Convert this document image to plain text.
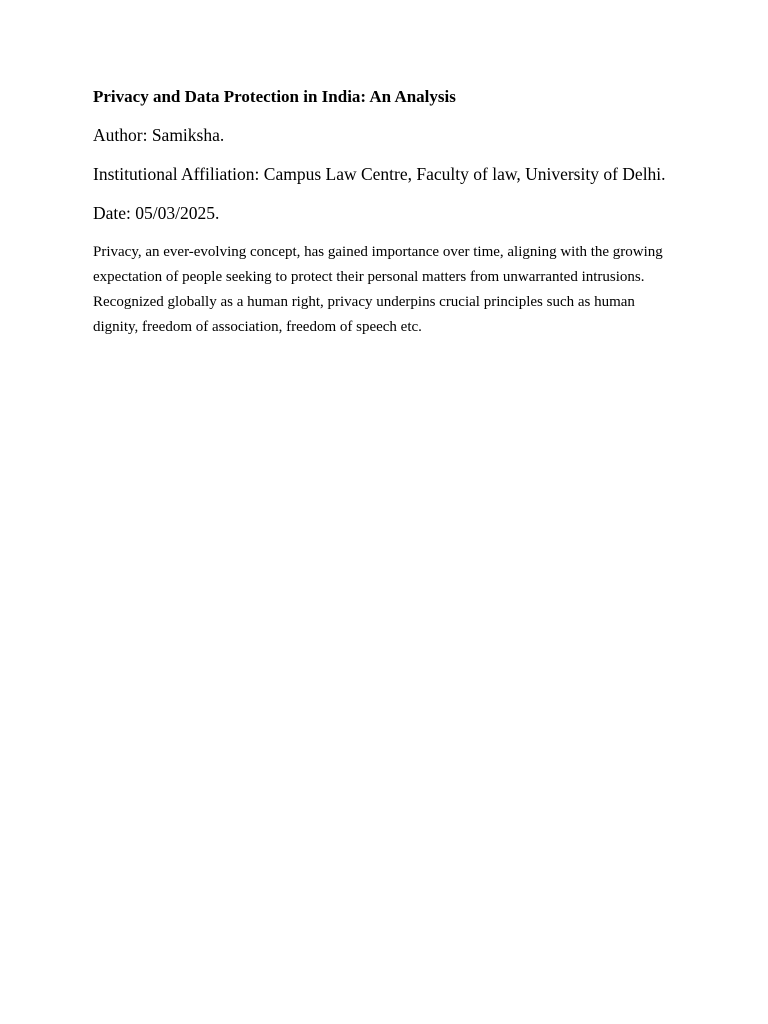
Privacy and Data Protection in India: An Analysis

Author: Samiksha.

Institutional Affiliation: Campus Law Centre, Faculty of law, University of Delhi.

Date: 05/03/2025.

Privacy, an ever-evolving concept, has gained importance over time, aligning with the growing expectation of people seeking to protect their personal matters from unwarranted intrusions. Recognized globally as a human right, privacy underpins crucial principles such as human dignity, freedom of association, freedom of speech etc.
